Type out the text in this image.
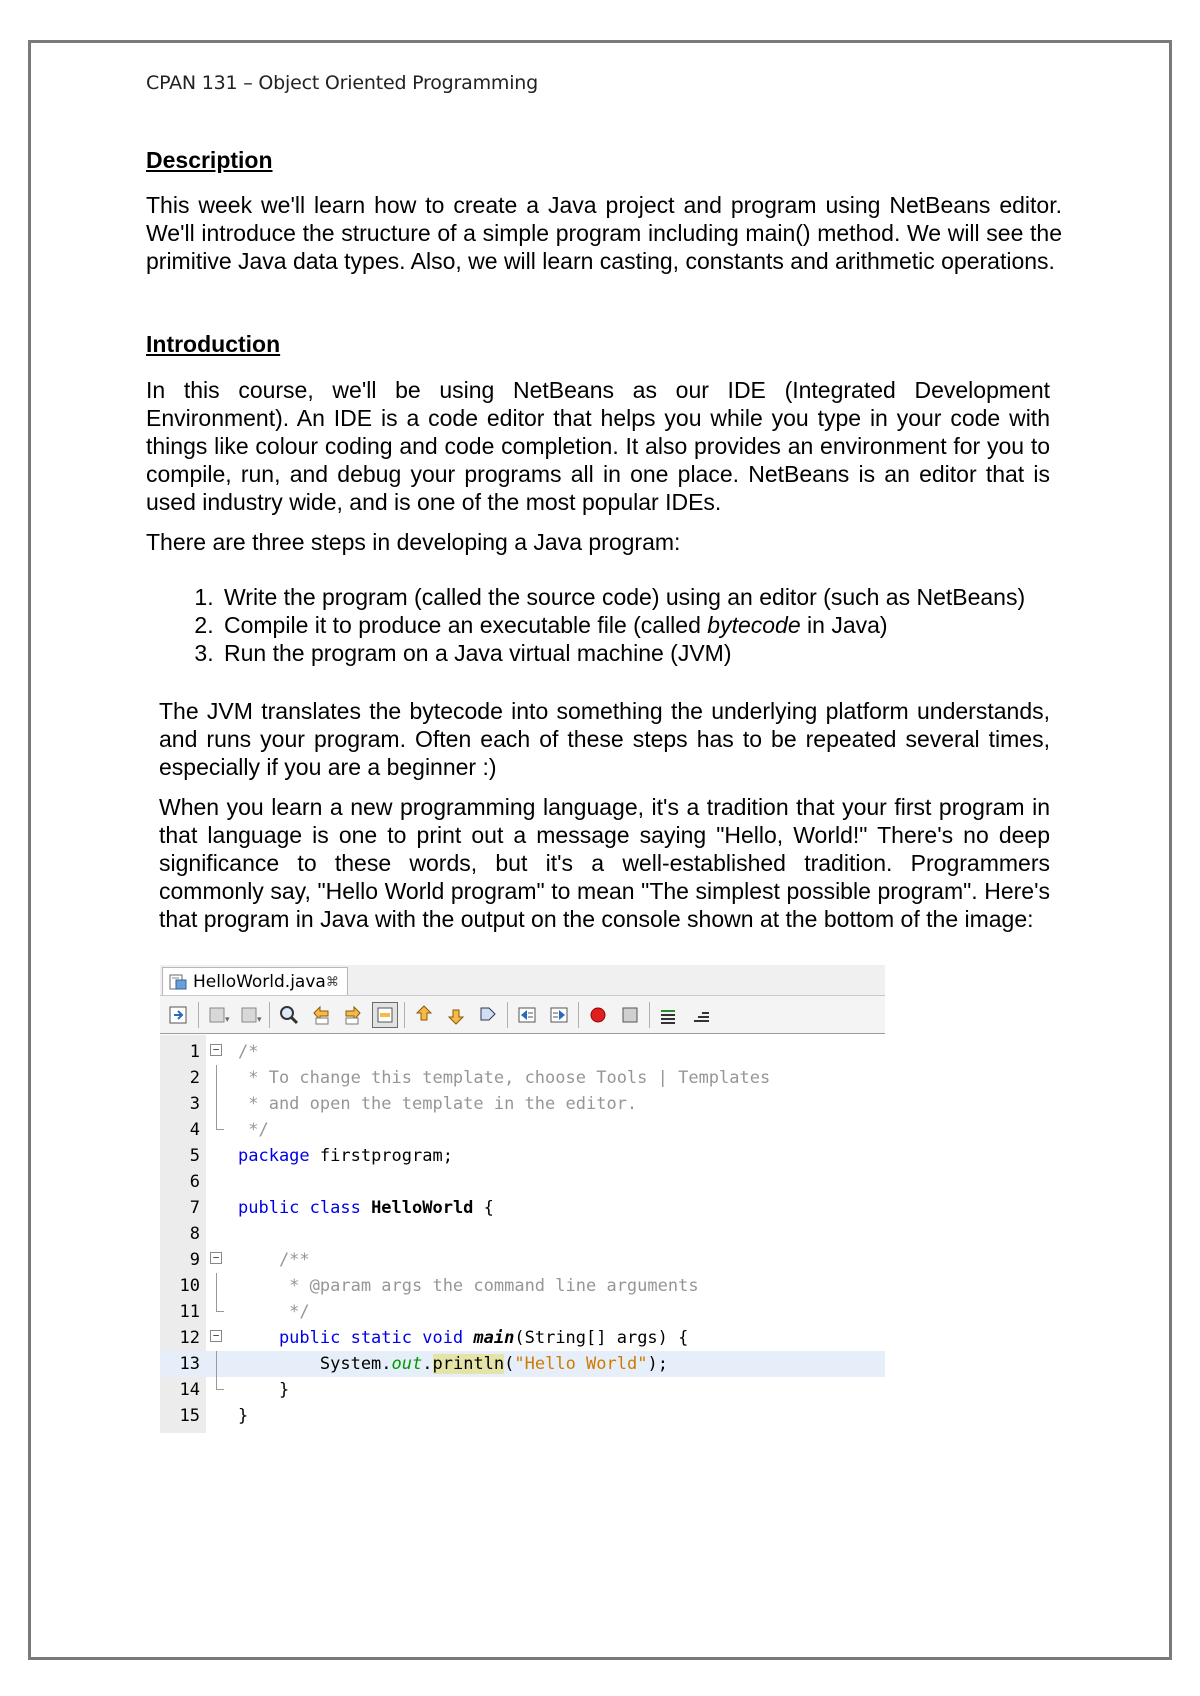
CPAN 131 – Object Oriented Programming
Description

This week we'll learn how to create a Java project and program using NetBeans editor. We'll introduce the structure of a simple program including main() method. We will see the primitive Java data types. Also, we will learn casting, constants and arithmetic operations.

Introduction

In this course, we'll be using NetBeans as our IDE (Integrated Development Environment). An IDE is a code editor that helps you while you type in your code with things like colour coding and code completion. It also provides an environment for you to compile, run, and debug your programs all in one place. NetBeans is an editor that is used industry wide, and is one of the most popular IDEs.

There are three steps in developing a Java program:

1. Write the program (called the source code) using an editor (such as NetBeans)
2. Compile it to produce an executable file (called bytecode in Java)
3. Run the program on a Java virtual machine (JVM)

The JVM translates the bytecode into something the underlying platform understands, and runs your program. Often each of these steps has to be repeated several times, especially if you are a beginner :)

When you learn a new programming language, it's a tradition that your first program in that language is one to print out a message saying "Hello, World!" There's no deep significance to these words, but it's a well-established tradition. Programmers commonly say, "Hello World program" to mean "The simplest possible program". Here's that program in Java with the output on the console shown at the bottom of the image:

HelloWorld.java ⌘
▾	▾
1 − /*
2 * To change this template, choose Tools | Templates
3 * and open the template in the editor.
4 */
5 package firstprogram;
6
7 public class HelloWorld {
8
9 − /**
10 * @param args the command line arguments
11 */
12 − public static void main(String[] args) {
13 System.out.println("Hello World");
14 }
15 }
